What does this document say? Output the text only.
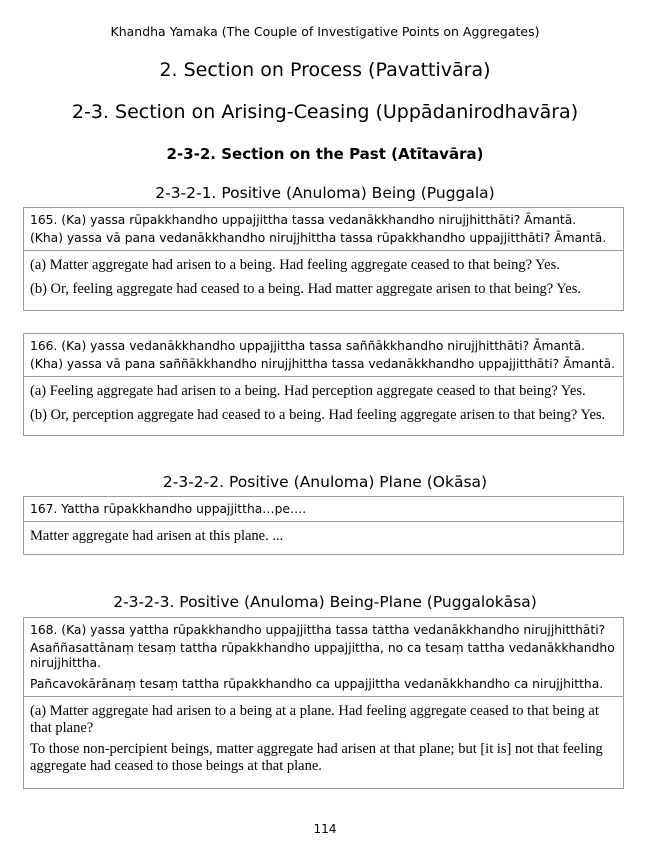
Khandha Yamaka (The Couple of Investigative Points on Aggregates)
2. Section on Process (Pavattivāra)
2-3. Section on Arising-Ceasing (Uppādanirodhavāra)
2-3-2. Section on the Past (Atītavāra)
2-3-2-1. Positive (Anuloma) Being (Puggala)

165. (Ka) yassa rūpakkhandho uppajjittha tassa vedanākkhandho nirujjhitthāti? Āmantā.

(Kha) yassa vā pana vedanākkhandho nirujjhittha tassa rūpakkhandho uppajjitthāti? Āmantā.

(a) Matter aggregate had arisen to a being. Had feeling aggregate ceased to that being? Yes.

(b) Or, feeling aggregate had ceased to a being. Had matter aggregate arisen to that being? Yes.

166. (Ka) yassa vedanākkhandho uppajjittha tassa saññākkhandho nirujjhitthāti? Āmantā.

(Kha) yassa vā pana saññākkhandho nirujjhittha tassa vedanākkhandho uppajjitthāti? Āmantā.

(a) Feeling aggregate had arisen to a being. Had perception aggregate ceased to that being? Yes.

(b) Or, perception aggregate had ceased to a being. Had feeling aggregate arisen to that being? Yes.

2-3-2-2. Positive (Anuloma) Plane (Okāsa)

167. Yattha rūpakkhandho uppajjittha…pe….

Matter aggregate had arisen at this plane. ...

2-3-2-3. Positive (Anuloma) Being-Plane (Puggalokāsa)

168. (Ka) yassa yattha rūpakkhandho uppajjittha tassa tattha vedanākkhandho nirujjhitthāti?

Asaññasattānaṃ tesaṃ tattha rūpakkhandho uppajjittha, no ca tesaṃ tattha vedanākkhandho nirujjhittha.

Pañcavokārānaṃ tesaṃ tattha rūpakkhandho ca uppajjittha vedanākkhandho ca nirujjhittha.

(a) Matter aggregate had arisen to a being at a plane. Had feeling aggregate ceased to that being at that plane?

To those non-percipient beings, matter aggregate had arisen at that plane; but [it is] not that feeling aggregate had ceased to those beings at that plane.

114
